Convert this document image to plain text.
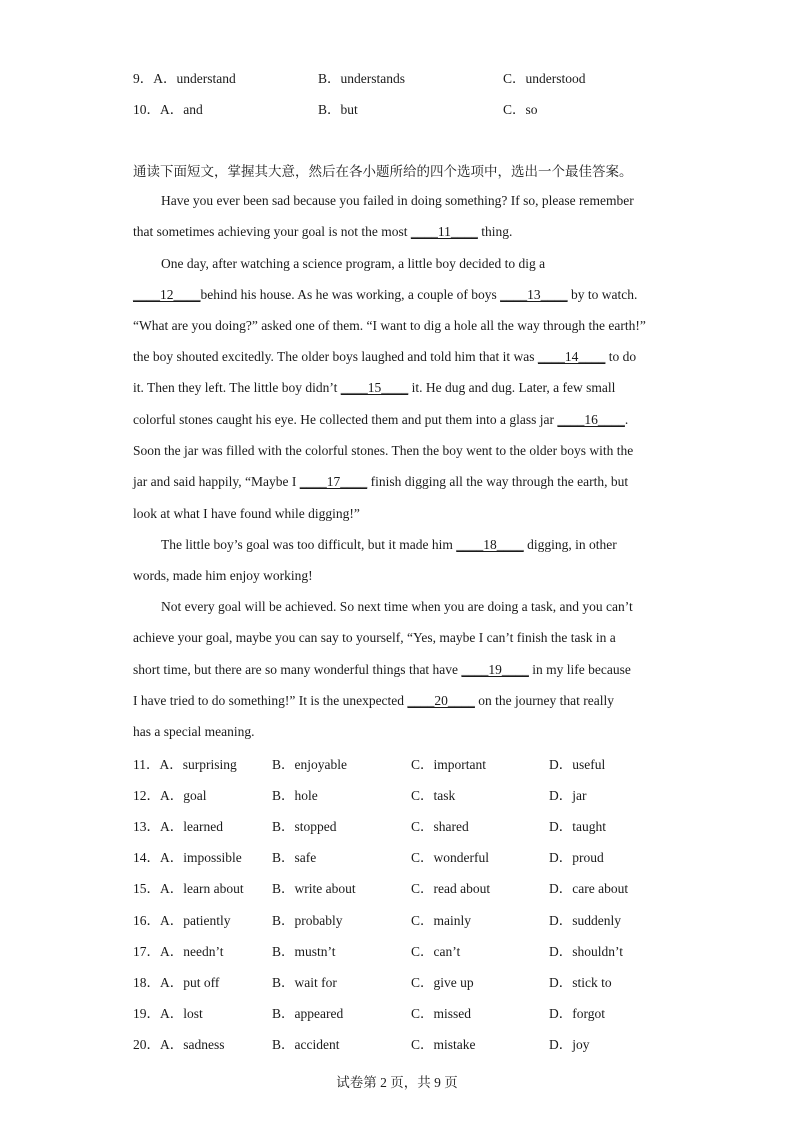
9．A．understand	B．understands	C．understood
10．A．and	B．but	C．so
通读下面短文，掌握其大意，然后在各小题所给的四个选项中，选出一个最佳答案。
Have you ever been sad because you failed in doing something? If so, please remember
that sometimes achieving your goal is not the most ____11____ thing.
One day, after watching a science program, a little boy decided to dig a
____12____behind his house. As he was working, a couple of boys ____13____ by to watch.
“What are you doing?” asked one of them. “I want to dig a hole all the way through the earth!”
the boy shouted excitedly. The older boys laughed and told him that it was ____14____ to do
it. Then they left. The little boy didn’t ____15____ it. He dug and dug. Later, a few small
colorful stones caught his eye. He collected them and put them into a glass jar ____16____.
Soon the jar was filled with the colorful stones. Then the boy went to the older boys with the
jar and said happily, “Maybe I ____17____ finish digging all the way through the earth, but
look at what I have found while digging!”
The little boy’s goal was too difficult, but it made him ____18____ digging, in other
words, made him enjoy working!
Not every goal will be achieved. So next time when you are doing a task, and you can’t
achieve your goal, maybe you can say to yourself, “Yes, maybe I can’t finish the task in a
short time, but there are so many wonderful things that have ____19____ in my life because
I have tried to do something!” It is the unexpected ____20____ on the journey that really
has a special meaning.
11．A．surprising	B．enjoyable	C．important	D．useful
12．A．goal	B．hole	C．task	D．jar
13．A．learned	B．stopped	C．shared	D．taught
14．A．impossible B．safe	C．wonderful	D．proud
15．A．learn about B．write about	C．read about	D．care about
16．A．patiently	B．probably	C．mainly	D．suddenly
17．A．needn’t	B．mustn’t	C．can’t	D．shouldn’t
18．A．put off	B．wait for	C．give up	D．stick to
19．A．lost	B．appeared	C．missed	D．forgot
20．A．sadness	B．accident	C．mistake	D．joy
试卷第 2 页，共 9 页
